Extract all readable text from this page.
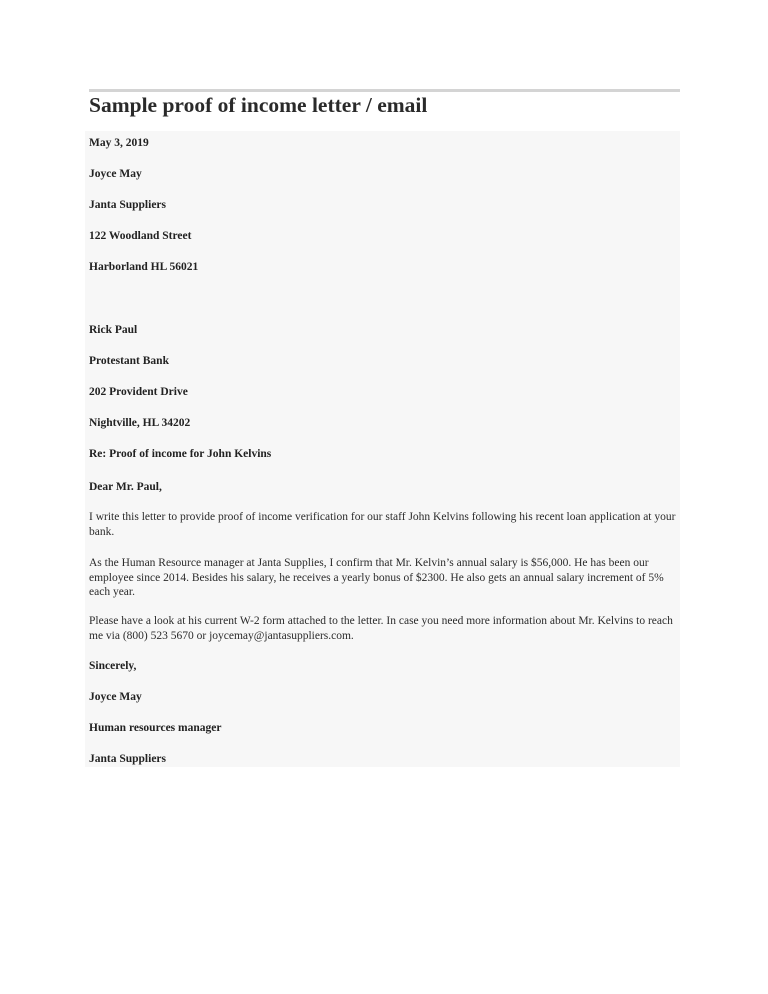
Sample proof of income letter / email

May 3, 2019

Joyce May

Janta Suppliers

122 Woodland Street

Harborland HL 56021

Rick Paul

Protestant Bank

202 Provident Drive

Nightville, HL 34202

Re: Proof of income for John Kelvins

Dear Mr. Paul,

I write this letter to provide proof of income verification for our staff John Kelvins following his recent loan application at your bank.

As the Human Resource manager at Janta Supplies, I confirm that Mr. Kelvin’s annual salary is $56,000. He has been our employee since 2014. Besides his salary, he receives a yearly bonus of $2300. He also gets an annual salary increment of 5% each year.

Please have a look at his current W-2 form attached to the letter. In case you need more information about Mr. Kelvins to reach me via (800) 523 5670 or joycemay@jantasuppliers.com.

Sincerely,

Joyce May

Human resources manager

Janta Suppliers
